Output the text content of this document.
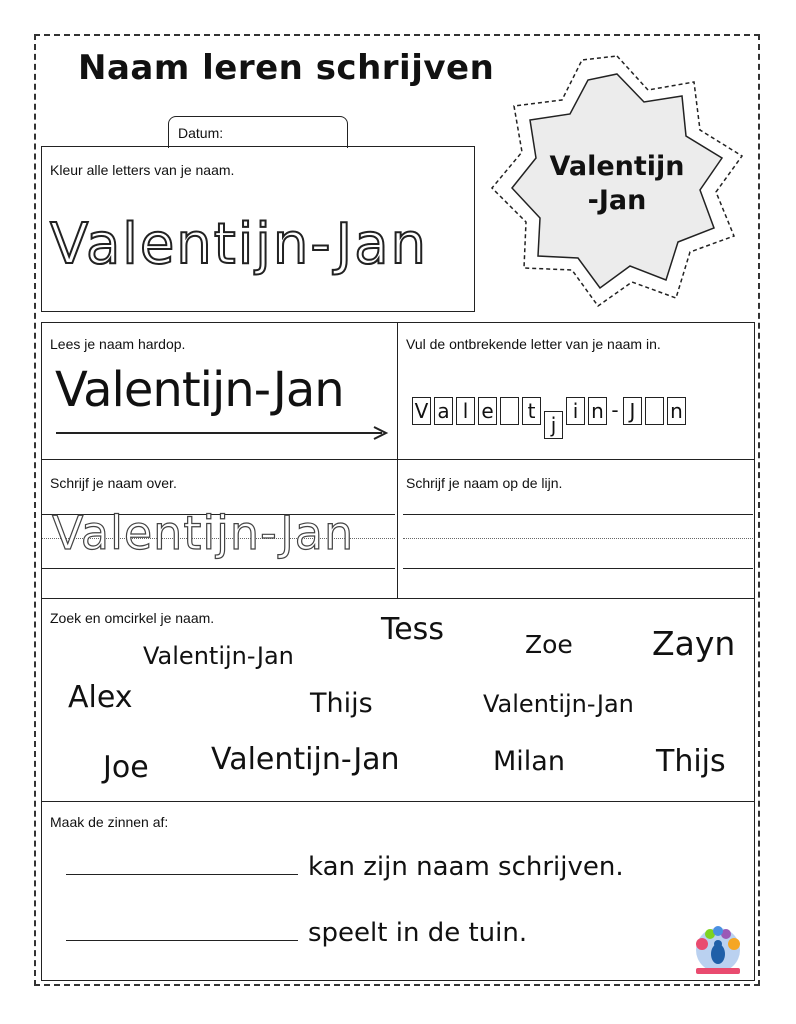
Naam leren schrijven
Datum:
Kleur alle letters van je naam.
Valentijn-Jan
Valentijn
-Jan
Lees je naam hardop.
Valentijn-Jan
Vul de ontbrekende letter van je naam in.
V a l e t
j
i n - J	n
Schrijf je naam over.
Valentijn-Jan
Schrijf je naam op de lijn.
Zoek en omcirkel je naam.	Tess	Zoe Zayn
Valentijn-Jan
Alex	Thijs	Valentijn-Jan
Joe Valentijn-Jan	Milan	Thijs
Maak de zinnen af:
kan zijn naam schrijven.
speelt in de tuin.
